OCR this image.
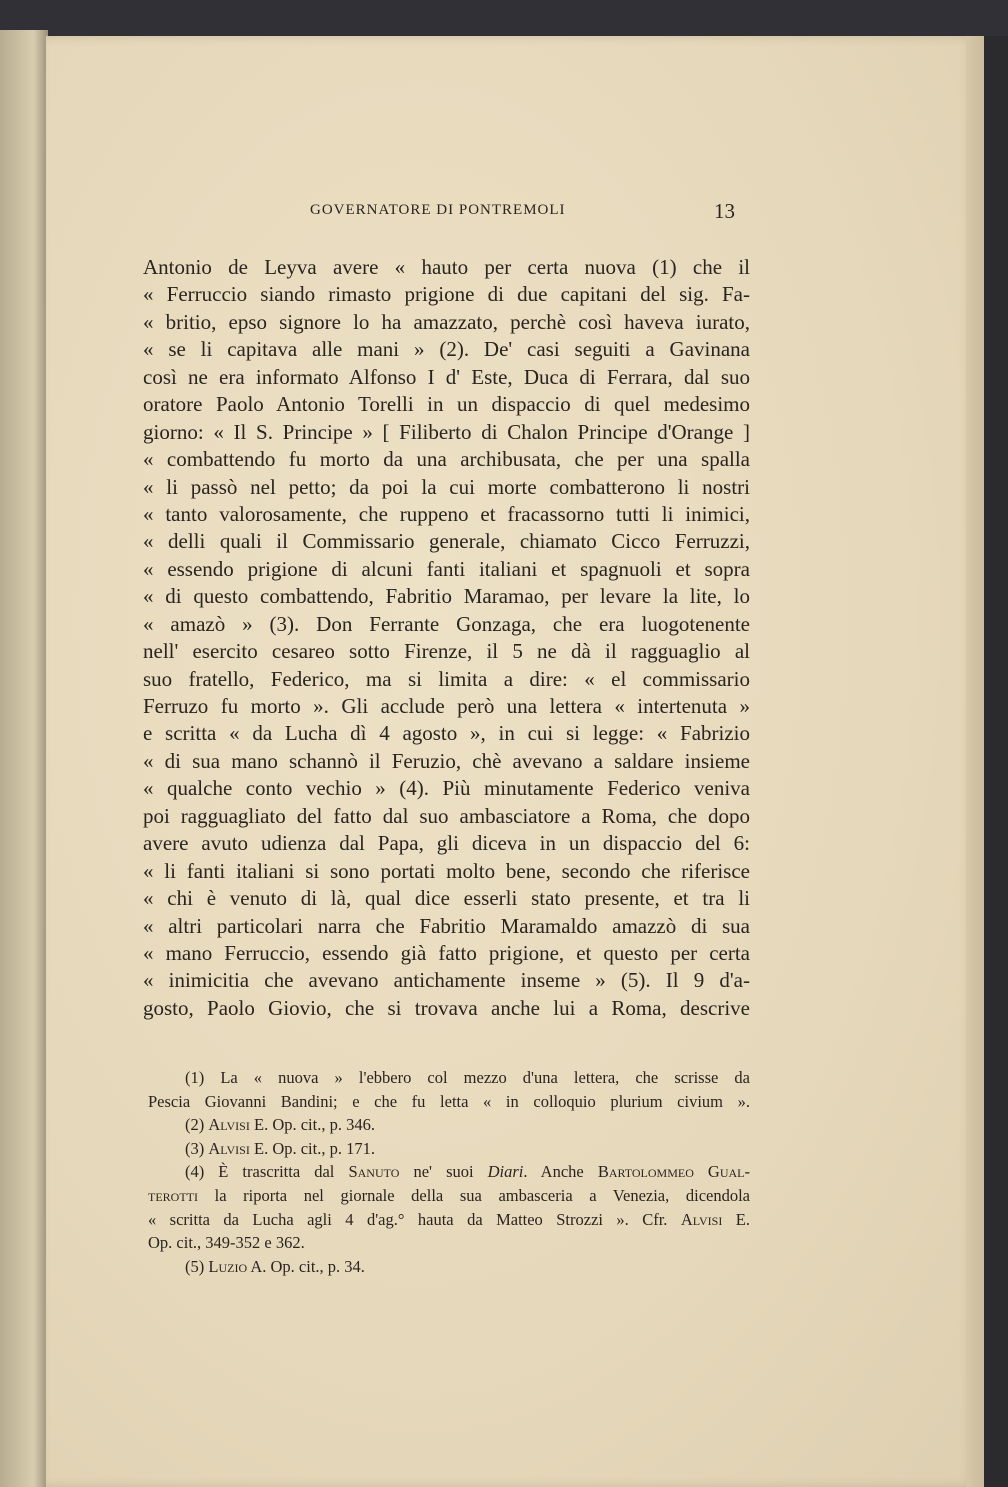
GOVERNATORE DI PONTREMOLI	13
Antonio de Leyva avere « hauto per certa nuova (1) che il
« Ferruccio siando rimasto prigione di due capitani del sig. Fa-
« britio, epso signore lo ha amazzato, perchè così haveva iurato,
« se li capitava alle mani » (2). De' casi seguiti a Gavinana
così ne era informato Alfonso I d' Este, Duca di Ferrara, dal suo
oratore Paolo Antonio Torelli in un dispaccio di quel medesimo
giorno: « Il S. Principe » [ Filiberto di Chalon Principe d'Orange ]
« combattendo fu morto da una archibusata, che per una spalla
« li passò nel petto; da poi la cui morte combatterono li nostri
« tanto valorosamente, che ruppeno et fracassorno tutti li inimici,
« delli quali il Commissario generale, chiamato Cicco Ferruzzi,
« essendo prigione di alcuni fanti italiani et spagnuoli et sopra
« di questo combattendo, Fabritio Maramao, per levare la lite, lo
« amazò » (3). Don Ferrante Gonzaga, che era luogotenente
nell' esercito cesareo sotto Firenze, il 5 ne dà il ragguaglio al
suo fratello, Federico, ma si limita a dire: « el commissario
Ferruzo fu morto ». Gli acclude però una lettera « intertenuta »
e scritta « da Lucha dì 4 agosto », in cui si legge: « Fabrizio
« di sua mano schannò il Feruzio, chè avevano a saldare insieme
« qualche conto vechio » (4). Più minutamente Federico veniva
poi ragguagliato del fatto dal suo ambasciatore a Roma, che dopo
avere avuto udienza dal Papa, gli diceva in un dispaccio del 6:
« li fanti italiani si sono portati molto bene, secondo che riferisce
« chi è venuto di là, qual dice esserli stato presente, et tra li
« altri particolari narra che Fabritio Maramaldo amazzò di sua
« mano Ferruccio, essendo già fatto prigione, et questo per certa
« inimicitia che avevano antichamente inseme » (5). Il 9 d'a-
gosto, Paolo Giovio, che si trovava anche lui a Roma, descrive
(1) La « nuova » l'ebbero col mezzo d'una lettera, che scrisse da
Pescia Giovanni Bandini; e che fu letta « in colloquio plurium civium ».
(2) Alvisi E. Op. cit., p. 346.
(3) Alvisi E. Op. cit., p. 171.
(4) È trascritta dal Sanuto ne' suoi Diari. Anche Bartolommeo Gual-
terotti la riporta nel giornale della sua ambasceria a Venezia, dicendola
« scritta da Lucha agli 4 d'ag.° hauta da Matteo Strozzi ». Cfr. Alvisi E.
Op. cit., 349-352 e 362.
(5) Luzio A. Op. cit., p. 34.
